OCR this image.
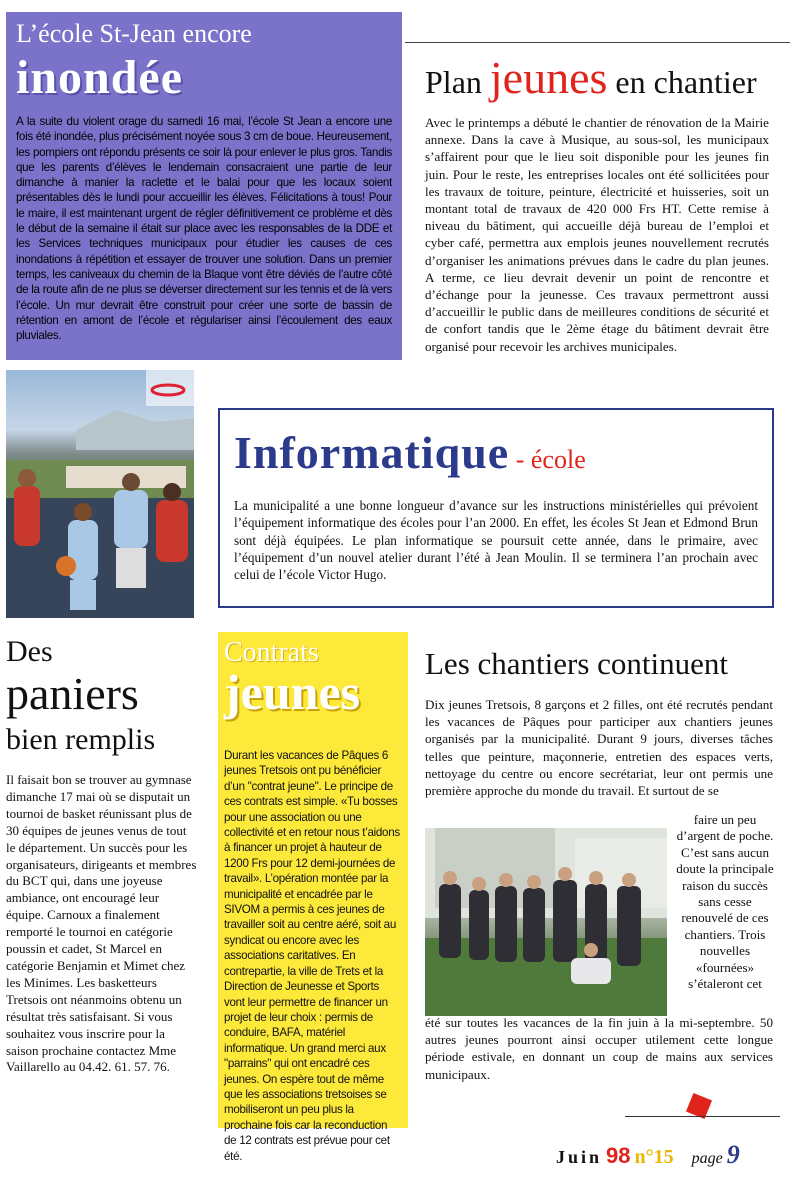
L’école St-Jean encore
inondée
A la suite du violent orage du samedi 16 mai, l’école St Jean a encore une fois été inondée, plus précisément noyée sous 3 cm de boue. Heureusement, les pompiers ont répondu présents ce soir là pour enlever le plus gros. Tandis que les parents d’élèves le lendemain consacraient une partie de leur dimanche à manier la raclette et le balai pour que les locaux soient présentables dès le lundi pour accueillir les élèves. Félicitations à tous! Pour le maire, il est maintenant urgent de régler définitivement ce problème et dès le début de la semaine il était sur place avec les responsables de la DDE et les Services techniques municipaux pour étudier les causes de ces inondations à répétition et essayer de trouver une solution. Dans un premier temps, les caniveaux du chemin de la Blaque vont être déviés de l’autre côté de la route afin de ne plus se déverser directement sur les tennis et de là vers l’école. Un mur devrait être construit pour créer une sorte de bassin de rétention en amont de l’école et régulariser ainsi l’écoulement des eaux pluviales.
Plan jeunes en chantier
Avec le printemps a débuté le chantier de rénovation de la Mairie annexe. Dans la cave à Musique, au sous-sol, les municipaux s’affairent pour que le lieu soit disponible pour les jeunes fin juin. Pour le reste, les entreprises locales ont été sollicitées pour les travaux de toiture, peinture, électricité et huisseries, soit un montant total de travaux de 420 000 Frs HT. Cette remise à niveau du bâtiment, qui accueille déjà bureau de l’emploi et cyber café, permettra aux emplois jeunes nouvellement recrutés d’organiser les animations prévues dans le cadre du plan jeunes. A terme, ce lieu devrait devenir un point de rencontre et d’échange pour la jeunesse. Ces travaux permettront aussi d’accueillir le public dans de meilleures conditions de sécurité et de confort tandis que le 2ème étage du bâtiment devrait être organisé pour recevoir les archives municipales.
Informatique - école
La municipalité a une bonne longueur d’avance sur les instructions ministérielles qui prévoient l’équipement informatique des écoles pour l’an 2000. En effet, les écoles St Jean et Edmond Brun sont déjà équipées. Le plan informatique se poursuit cette année, dans le primaire, avec l’équipement d’un nouvel atelier durant l’été à Jean Moulin. Il se terminera l’an prochain avec celui de l’école Victor Hugo.
Des
paniers
bien remplis
Il faisait bon se trouver au gymnase dimanche 17 mai où se disputait un tournoi de basket réunissant plus de 30 équipes de jeunes venus de tout le département. Un succès pour les organisateurs, dirigeants et membres du BCT qui, dans une joyeuse ambiance, ont encouragé leur équipe. Carnoux a finalement remporté le tournoi en catégorie poussin et cadet, St Marcel en catégorie Benjamin et Mimet chez les Minimes. Les basketteurs Tretsois ont néanmoins obtenu un résultat très satisfaisant. Si vous souhaitez vous inscrire pour la saison prochaine contactez Mme Vaillarello au 04.42. 61. 57. 76.
Contrats
jeunes
Durant les vacances de Pâques 6 jeunes Tretsois ont pu bénéficier d’un "contrat jeune". Le principe de ces contrats est simple. «Tu bosses pour une association ou une collectivité et en retour nous t’aidons à financer un projet à hauteur de 1200 Frs pour 12 demi-journées de travail». L’opération montée par la municipalité et encadrée par le SIVOM a permis à ces jeunes de travailler soit au centre aéré, soit au syndicat ou encore avec les associations caritatives. En contrepartie, la ville de Trets et la Direction de Jeunesse et Sports vont leur permettre de financer un projet de leur choix : permis de conduire, BAFA, matériel informatique. Un grand merci aux "parrains" qui ont encadré ces jeunes. On espère tout de même que les associations tretsoises se mobiliseront un peu plus la prochaine fois car la reconduction de 12 contrats est prévue pour cet été.
Les chantiers continuent
Dix jeunes Tretsois, 8 garçons et 2 filles, ont été recrutés pendant les vacances de Pâques pour participer aux chantiers jeunes organisés par la municipalité. Durant 9 jours, diverses tâches telles que peinture, maçonnerie, entretien des espaces verts, nettoyage du centre ou encore secrétariat, leur ont permis une première approche du monde du travail. Et surtout de se
faire un peu d’argent de poche. C’est sans aucun doute la principale raison du succès sans cesse renouvelé de ces chantiers. Trois nouvelles «fournées» s’étaleront cet
été sur toutes les vacances de la fin juin à la mi-septembre. 50 autres jeunes pourront ainsi occuper utilement cette longue période estivale, en donnant un coup de mains aux services municipaux.
Juin 98 n°15 page 9
